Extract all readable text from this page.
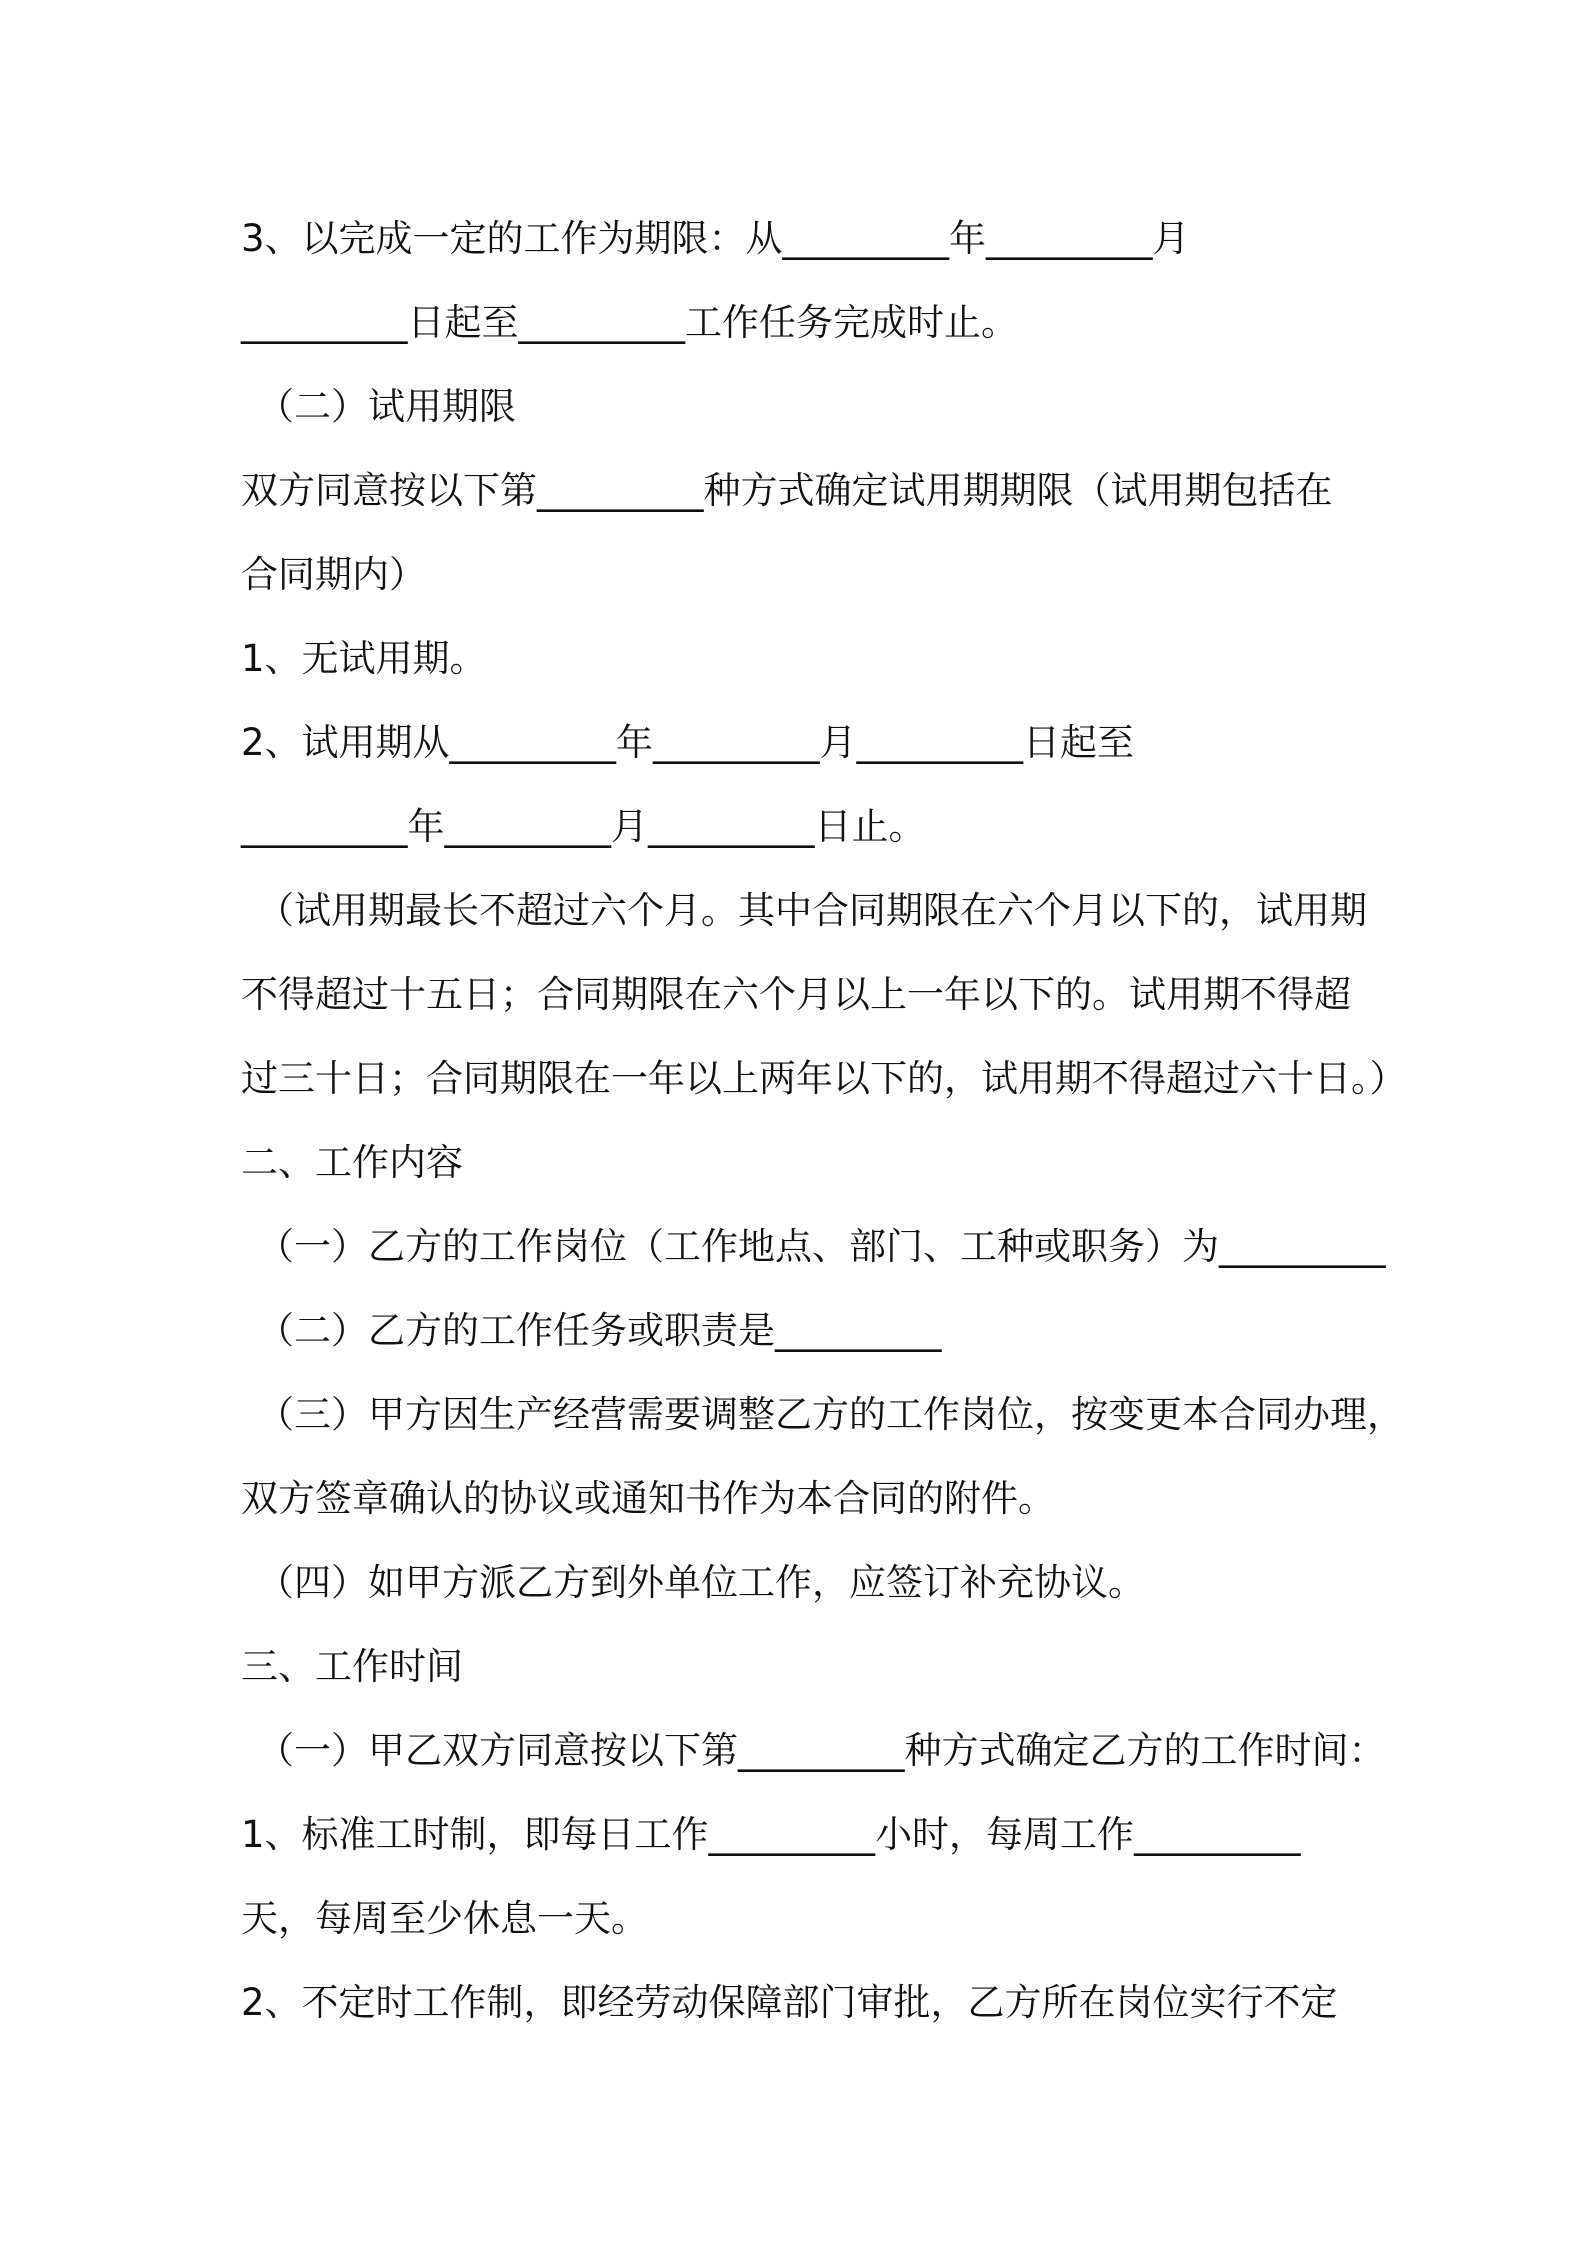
3、以完成一定的工作为期限：从_________年_________月
_________日起至_________工作任务完成时止。
（二）试用期限
双方同意按以下第_________种方式确定试用期期限（试用期包括在
合同期内）
1、无试用期。
2、试用期从_________年_________月_________日起至
_________年_________月_________日止。
（试用期最长不超过六个月。其中合同期限在六个月以下的，试用期
不得超过十五日；合同期限在六个月以上一年以下的。试用期不得超
过三十日；合同期限在一年以上两年以下的，试用期不得超过六十日。）
二、工作内容
（一）乙方的工作岗位（工作地点、部门、工种或职务）为_________
（二）乙方的工作任务或职责是_________
（三）甲方因生产经营需要调整乙方的工作岗位，按变更本合同办理，
双方签章确认的协议或通知书作为本合同的附件。
（四）如甲方派乙方到外单位工作，应签订补充协议。
三、工作时间
（一）甲乙双方同意按以下第_________种方式确定乙方的工作时间：
1、标准工时制，即每日工作_________小时，每周工作_________
天，每周至少休息一天。
2、不定时工作制，即经劳动保障部门审批，乙方所在岗位实行不定
